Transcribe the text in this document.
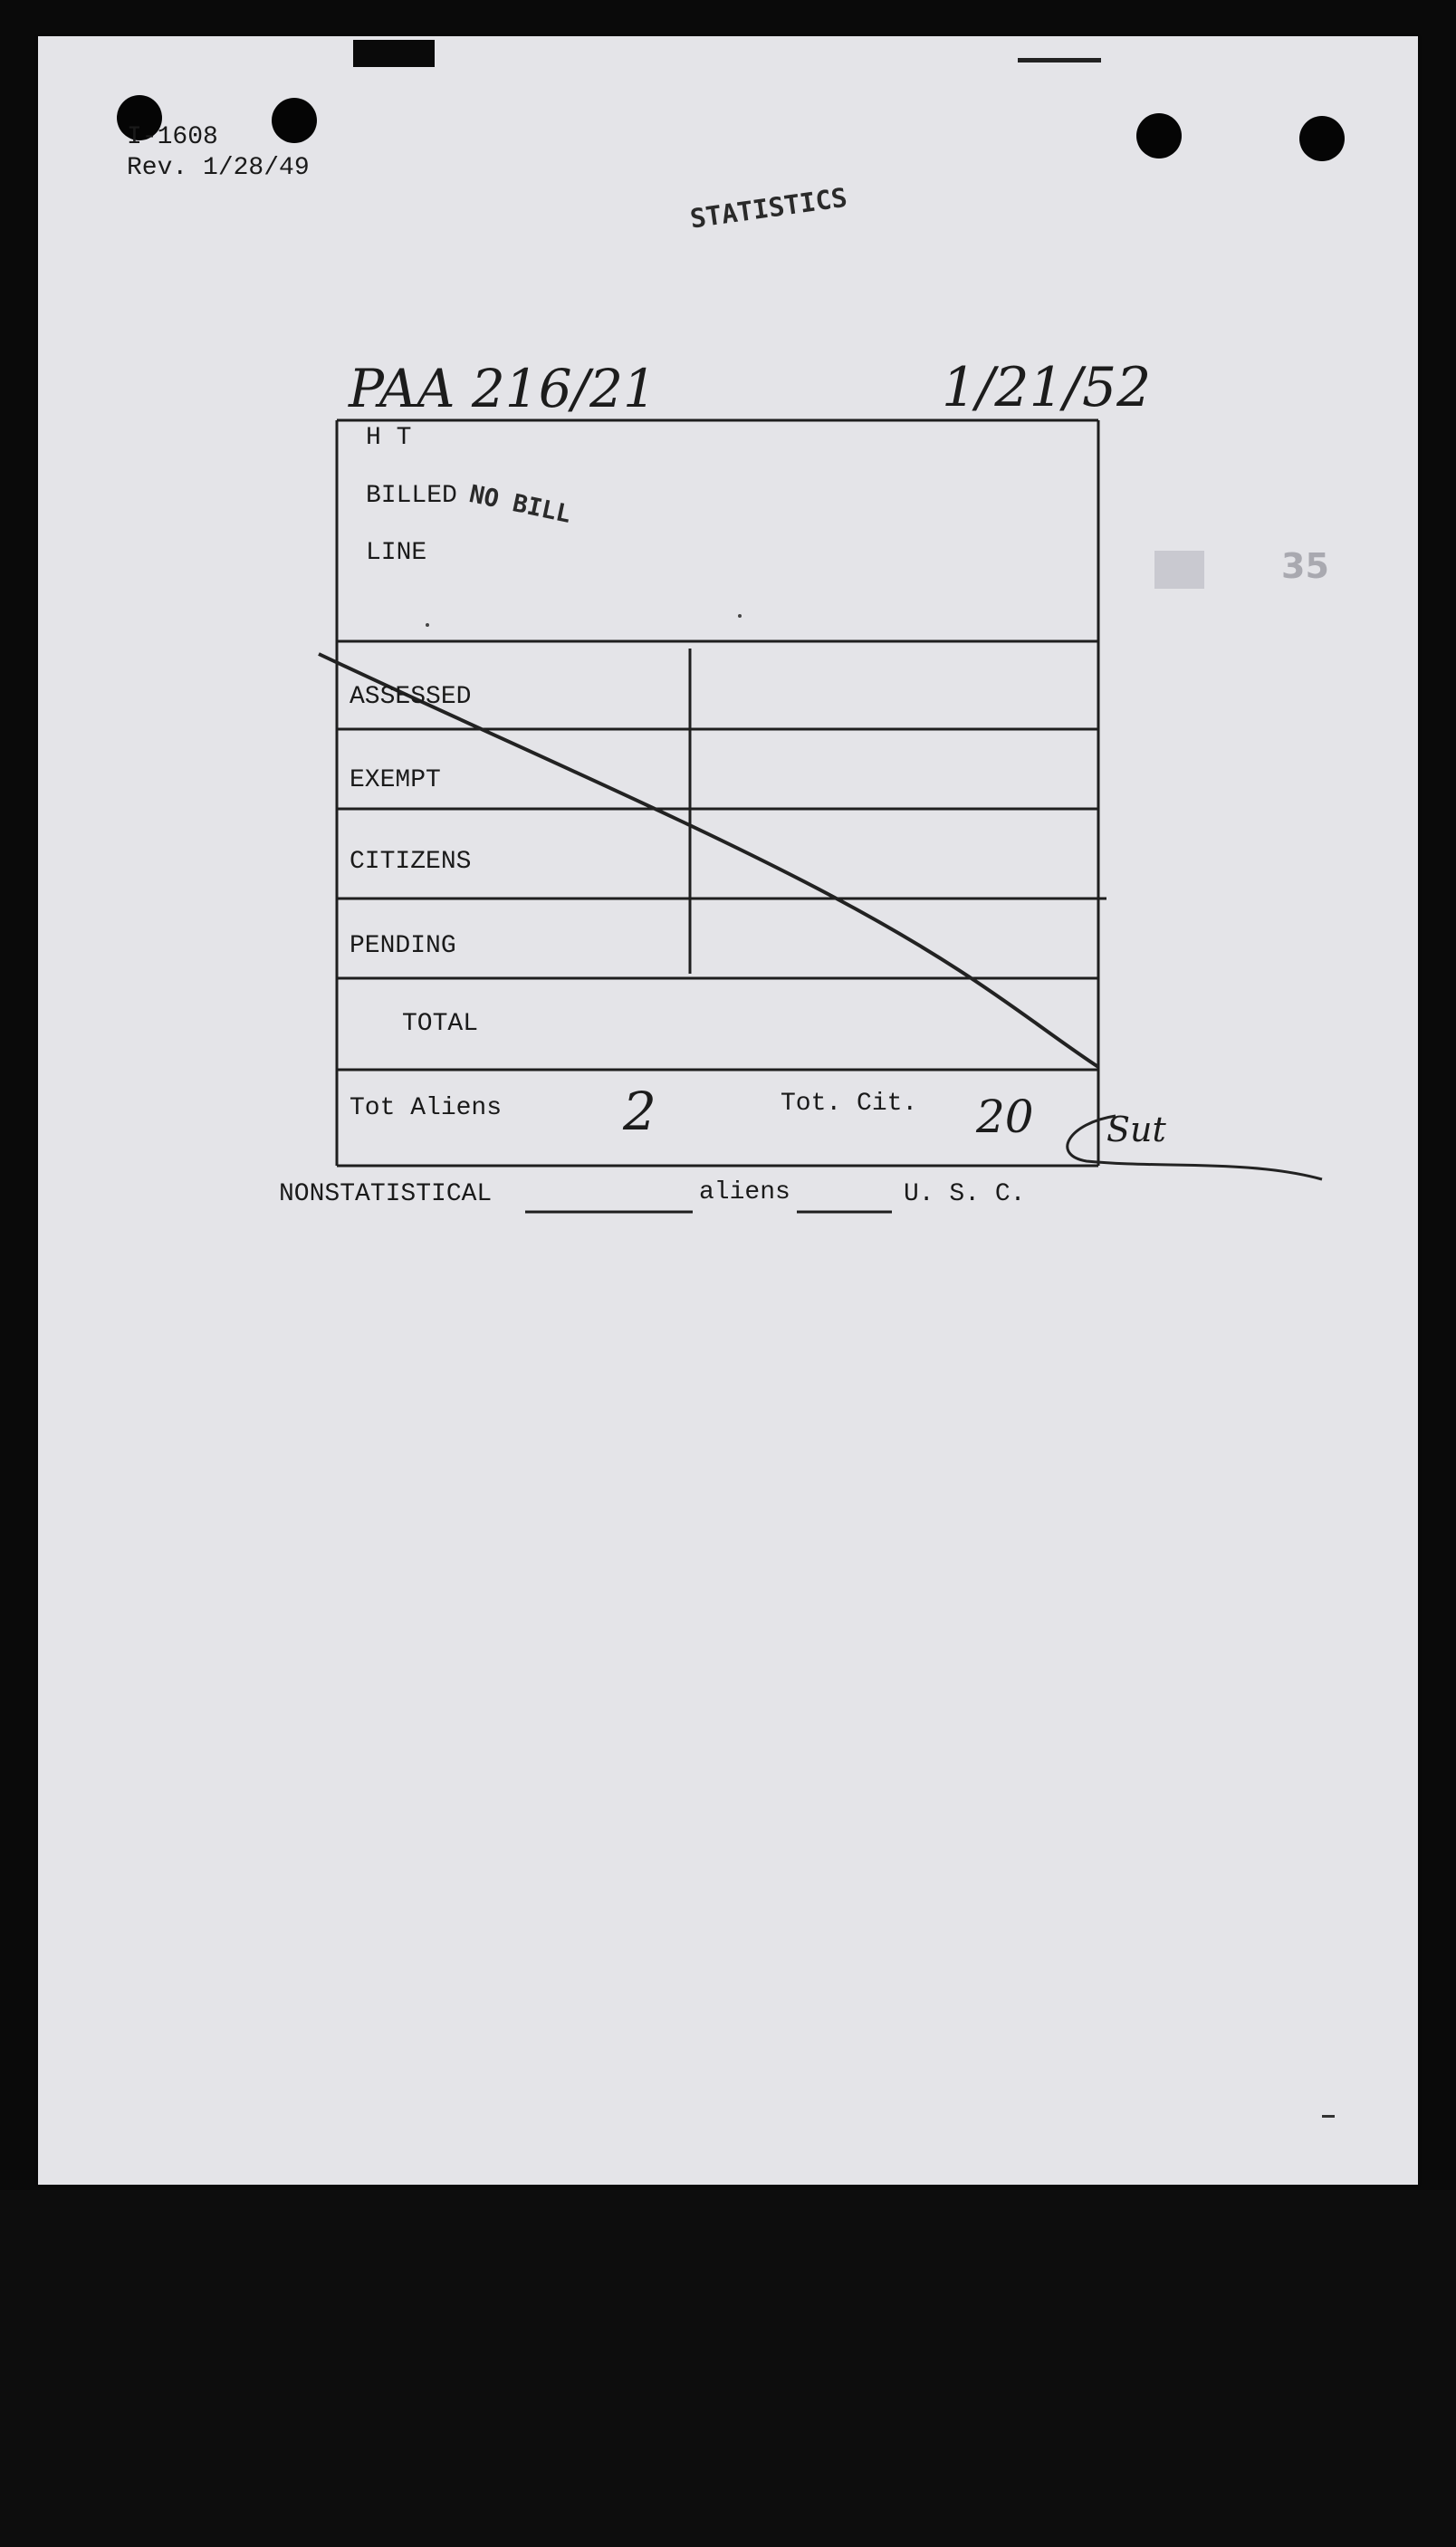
I-1608
Rev. 1/28/49
STATISTICS
PAA 216/21	1/21/52
35
H T
BILLED
LINE
NO BILL
ASSESSED
EXEMPT
CITIZENS
PENDING
TOTAL
Tot Aliens 2	Tot. Cit. 20 Sut
NONSTATISTICAL	aliens	U. S. C.
